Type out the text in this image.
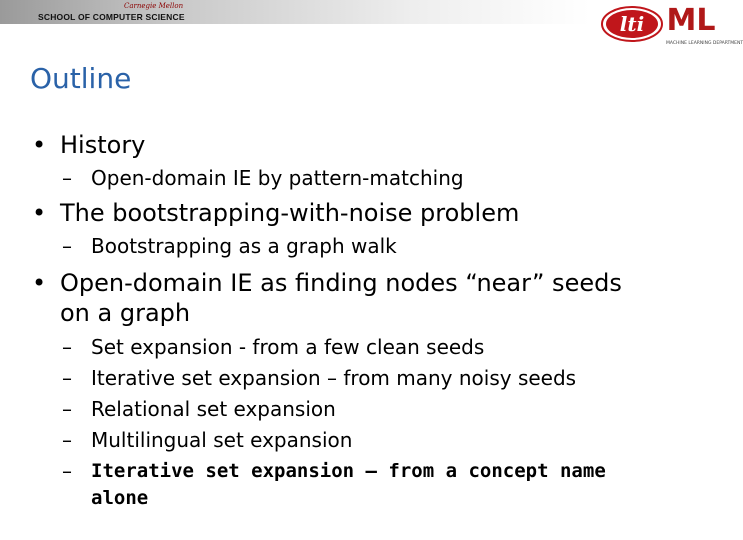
Carnegie Mellon
SCHOOL OF COMPUTER SCIENCE	lti ML
MACHINE LEARNING DEPARTMENT
Outline
• History
– Open-domain IE by pattern-matching
• The bootstrapping-with-noise problem
– Bootstrapping as a graph walk
• Open-domain IE as finding nodes “near” seeds
on a graph
– Set expansion - from a few clean seeds
– Iterative set expansion – from many noisy seeds
– Relational set expansion
– Multilingual set expansion
– Iterative set expansion – from a concept name
alone
